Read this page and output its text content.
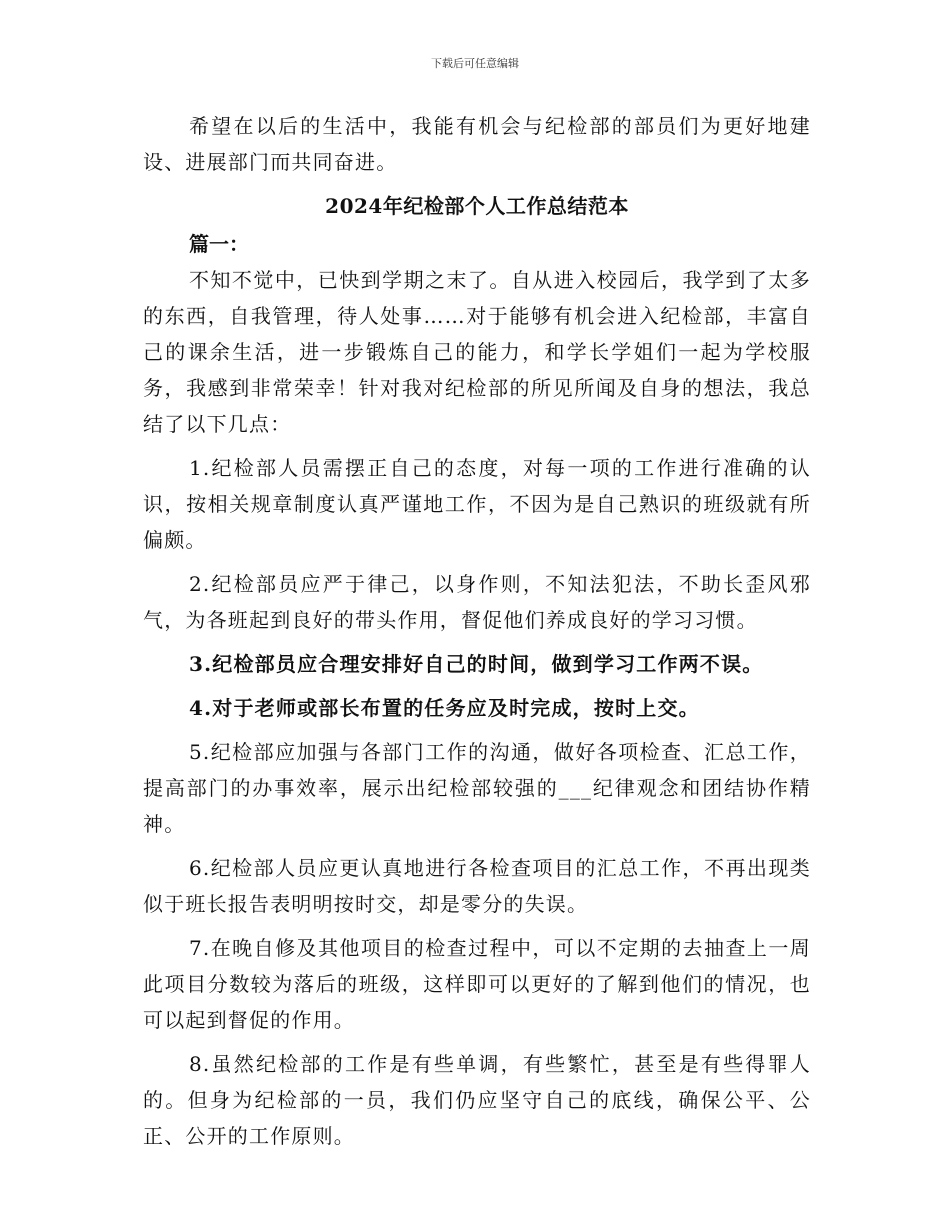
下载后可任意编辑

希望在以后的生活中，我能有机会与纪检部的部员们为更好地建设、进展部门而共同奋进。

2024年纪检部个人工作总结范本
篇一：

不知不觉中，已快到学期之末了。自从进入校园后，我学到了太多的东西，自我管理，待人处事……对于能够有机会进入纪检部，丰富自己的课余生活，进一步锻炼自己的能力，和学长学姐们一起为学校服务，我感到非常荣幸！针对我对纪检部的所见所闻及自身的想法，我总结了以下几点：

1.纪检部人员需摆正自己的态度，对每一项的工作进行准确的认识，按相关规章制度认真严谨地工作，不因为是自己熟识的班级就有所偏颇。

2.纪检部员应严于律己，以身作则，不知法犯法，不助长歪风邪气，为各班起到良好的带头作用，督促他们养成良好的学习习惯。

3.纪检部员应合理安排好自己的时间，做到学习工作两不误。

4.对于老师或部长布置的任务应及时完成，按时上交。

5.纪检部应加强与各部门工作的沟通，做好各项检查、汇总工作，提高部门的办事效率，展示出纪检部较强的___纪律观念和团结协作精神。

6.纪检部人员应更认真地进行各检查项目的汇总工作，不再出现类似于班长报告表明明按时交，却是零分的失误。

7.在晚自修及其他项目的检查过程中，可以不定期的去抽查上一周此项目分数较为落后的班级，这样即可以更好的了解到他们的情况，也可以起到督促的作用。

8.虽然纪检部的工作是有些单调，有些繁忙，甚至是有些得罪人的。但身为纪检部的一员，我们仍应坚守自己的底线，确保公平、公正、公开的工作原则。
